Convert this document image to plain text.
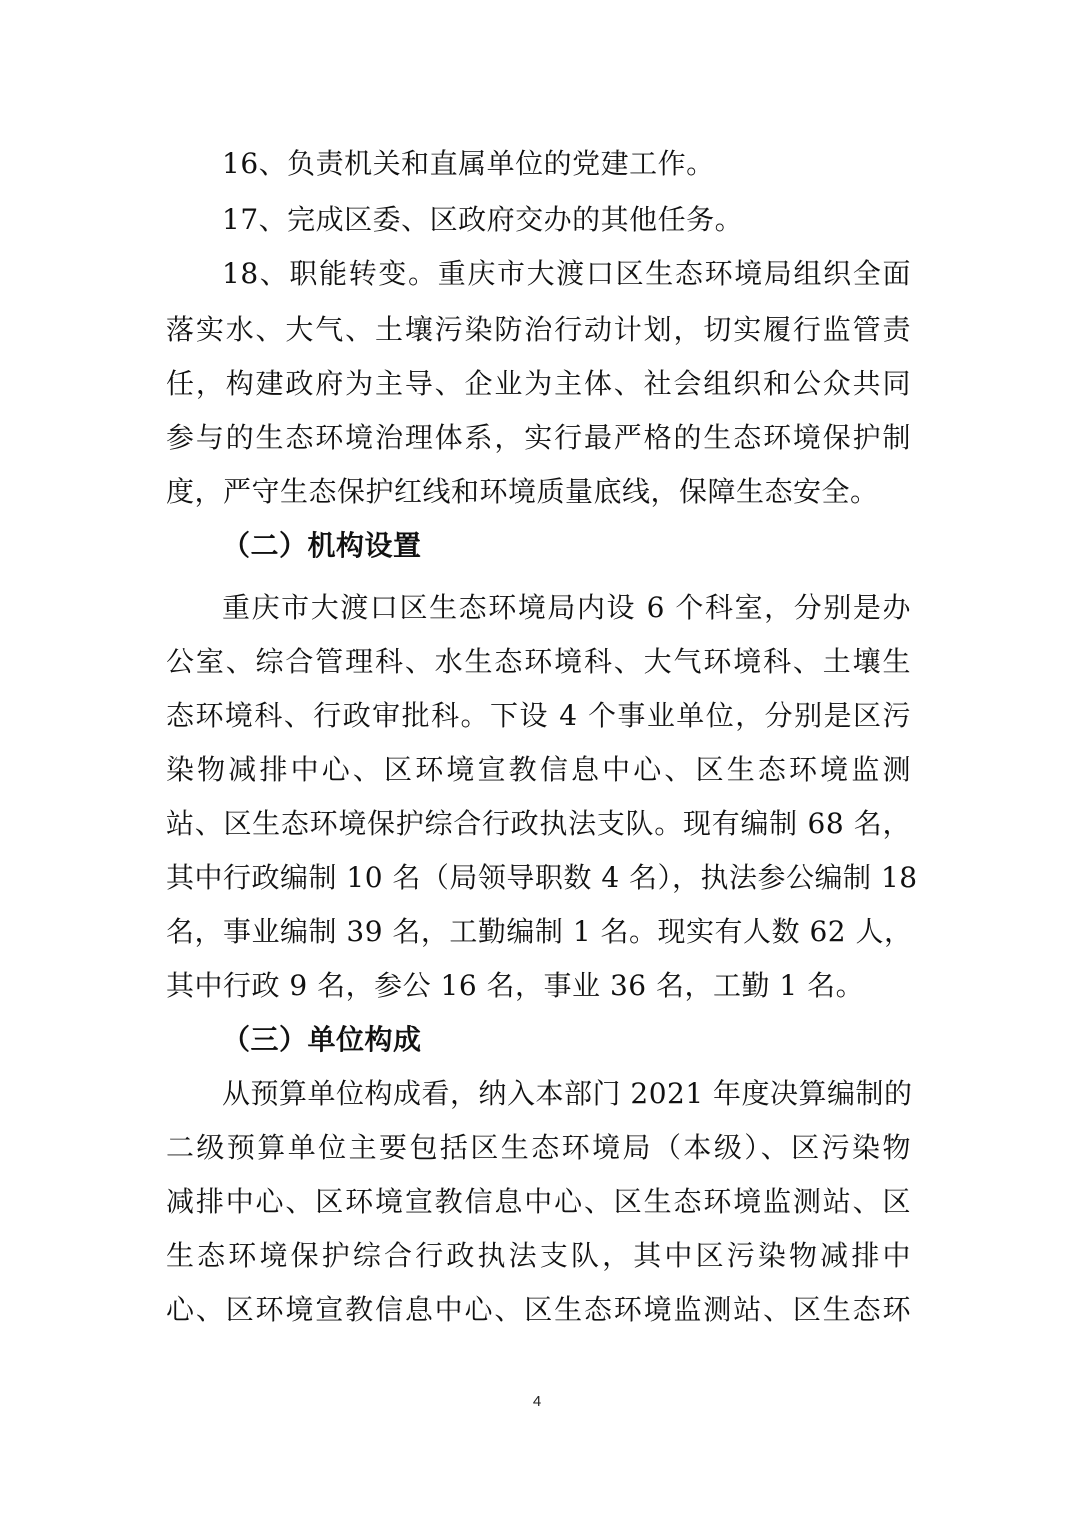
16、负责机关和直属单位的党建工作。
17、完成区委、区政府交办的其他任务。
18、职能转变。重庆市大渡口区生态环境局组织全面
落实水、大气、土壤污染防治行动计划，切实履行监管责
任，构建政府为主导、企业为主体、社会组织和公众共同
参与的生态环境治理体系，实行最严格的生态环境保护制
度，严守生态保护红线和环境质量底线，保障生态安全。
（二）机构设置
重庆市大渡口区生态环境局内设 6 个科室，分别是办
公室、综合管理科、水生态环境科、大气环境科、土壤生
态环境科、行政审批科。下设 4 个事业单位，分别是区污
染物减排中心、区环境宣教信息中心、区生态环境监测
站、区生态环境保护综合行政执法支队。现有编制 68 名，
其中行政编制 10 名（局领导职数 4 名），执法参公编制 18
名，事业编制 39 名，工勤编制 1 名。现实有人数 62 人，
其中行政 9 名，参公 16 名，事业 36 名，工勤 1 名。
（三）单位构成
从预算单位构成看，纳入本部门 2021 年度决算编制的
二级预算单位主要包括区生态环境局（本级）、区污染物
减排中心、区环境宣教信息中心、区生态环境监测站、区
生态环境保护综合行政执法支队，其中区污染物减排中
心、区环境宣教信息中心、区生态环境监测站、区生态环
4
